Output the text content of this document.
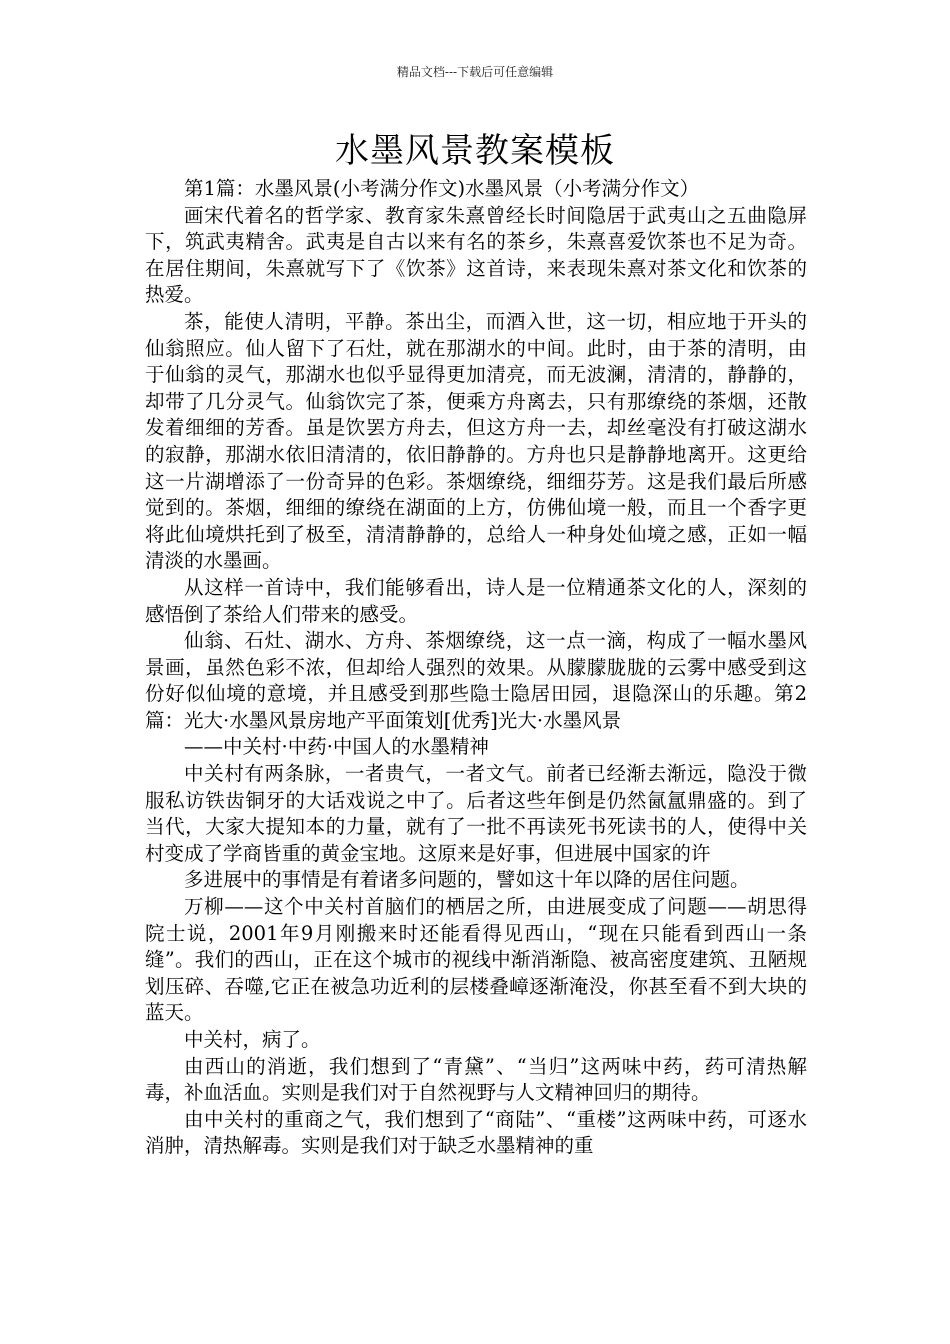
精品文档---下载后可任意编辑
水墨风景教案模板

第1篇：水墨风景(小考满分作文)水墨风景（小考满分作文）

画宋代着名的哲学家、教育家朱熹曾经长时间隐居于武夷山之五曲隐屏下，筑武夷精舍。武夷是自古以来有名的茶乡，朱熹喜爱饮茶也不足为奇。在居住期间，朱熹就写下了《饮茶》这首诗，来表现朱熹对茶文化和饮茶的热爱。

茶，能使人清明，平静。茶出尘，而酒入世，这一切，相应地于开头的仙翁照应。仙人留下了石灶，就在那湖水的中间。此时，由于茶的清明，由于仙翁的灵气，那湖水也似乎显得更加清亮，而无波澜，清清的，静静的，却带了几分灵气。仙翁饮完了茶，便乘方舟离去，只有那缭绕的茶烟，还散发着细细的芳香。虽是饮罢方舟去，但这方舟一去，却丝毫没有打破这湖水的寂静，那湖水依旧清清的，依旧静静的。方舟也只是静静地离开。这更给这一片湖增添了一份奇异的色彩。茶烟缭绕，细细芬芳。这是我们最后所感觉到的。茶烟，细细的缭绕在湖面的上方，仿佛仙境一般，而且一个香字更将此仙境烘托到了极至，清清静静的，总给人一种身处仙境之感，正如一幅清淡的水墨画。

从这样一首诗中，我们能够看出，诗人是一位精通茶文化的人，深刻的感悟倒了茶给人们带来的感受。

仙翁、石灶、湖水、方舟、茶烟缭绕，这一点一滴，构成了一幅水墨风景画，虽然色彩不浓，但却给人强烈的效果。从朦朦胧胧的云雾中感受到这份好似仙境的意境，并且感受到那些隐士隐居田园，退隐深山的乐趣。第2篇：光大·水墨风景房地产平面策划[优秀]光大·水墨风景

——中关村·中药·中国人的水墨精神

中关村有两条脉，一者贵气，一者文气。前者已经渐去渐远，隐没于微服私访铁齿铜牙的大话戏说之中了。后者这些年倒是仍然氤氲鼎盛的。到了当代，大家大提知本的力量，就有了一批不再读死书死读书的人，使得中关村变成了学商皆重的黄金宝地。这原来是好事，但进展中国家的许

多进展中的事情是有着诸多问题的，譬如这十年以降的居住问题。

万柳——这个中关村首脑们的栖居之所，由进展变成了问题——胡思得院士说，2001年9月刚搬来时还能看得见西山，“现在只能看到西山一条缝”。我们的西山，正在这个城市的视线中渐消渐隐、被高密度建筑、丑陋规划压碎、吞噬,它正在被急功近利的层楼叠嶂逐渐淹没，你甚至看不到大块的蓝天。

中关村，病了。

由西山的消逝，我们想到了“青黛”、“当归”这两味中药，药可清热解毒，补血活血。实则是我们对于自然视野与人文精神回归的期待。

由中关村的重商之气，我们想到了“商陆”、“重楼”这两味中药，可逐水消肿，清热解毒。实则是我们对于缺乏水墨精神的重
